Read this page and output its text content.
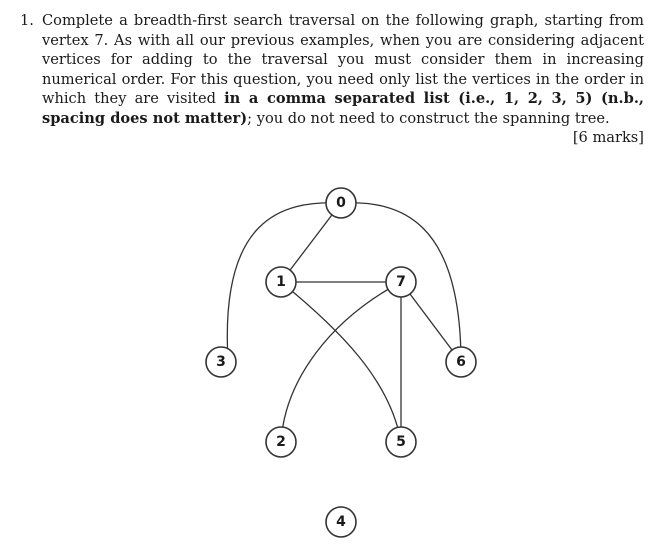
1. Complete a breadth-first search traversal on the following graph, starting from vertex 7. As with all our previous examples, when you are considering adjacent vertices for adding to the traversal you must consider them in increasing numerical order. For this question, you need only list the vertices in the order in which they are visited in a comma separated list (i.e., 1, 2, 3, 5) (n.b., spacing does not matter); you do not need to construct the spanning tree.
[6 marks]
0
1
2
3
4
5
6
7
